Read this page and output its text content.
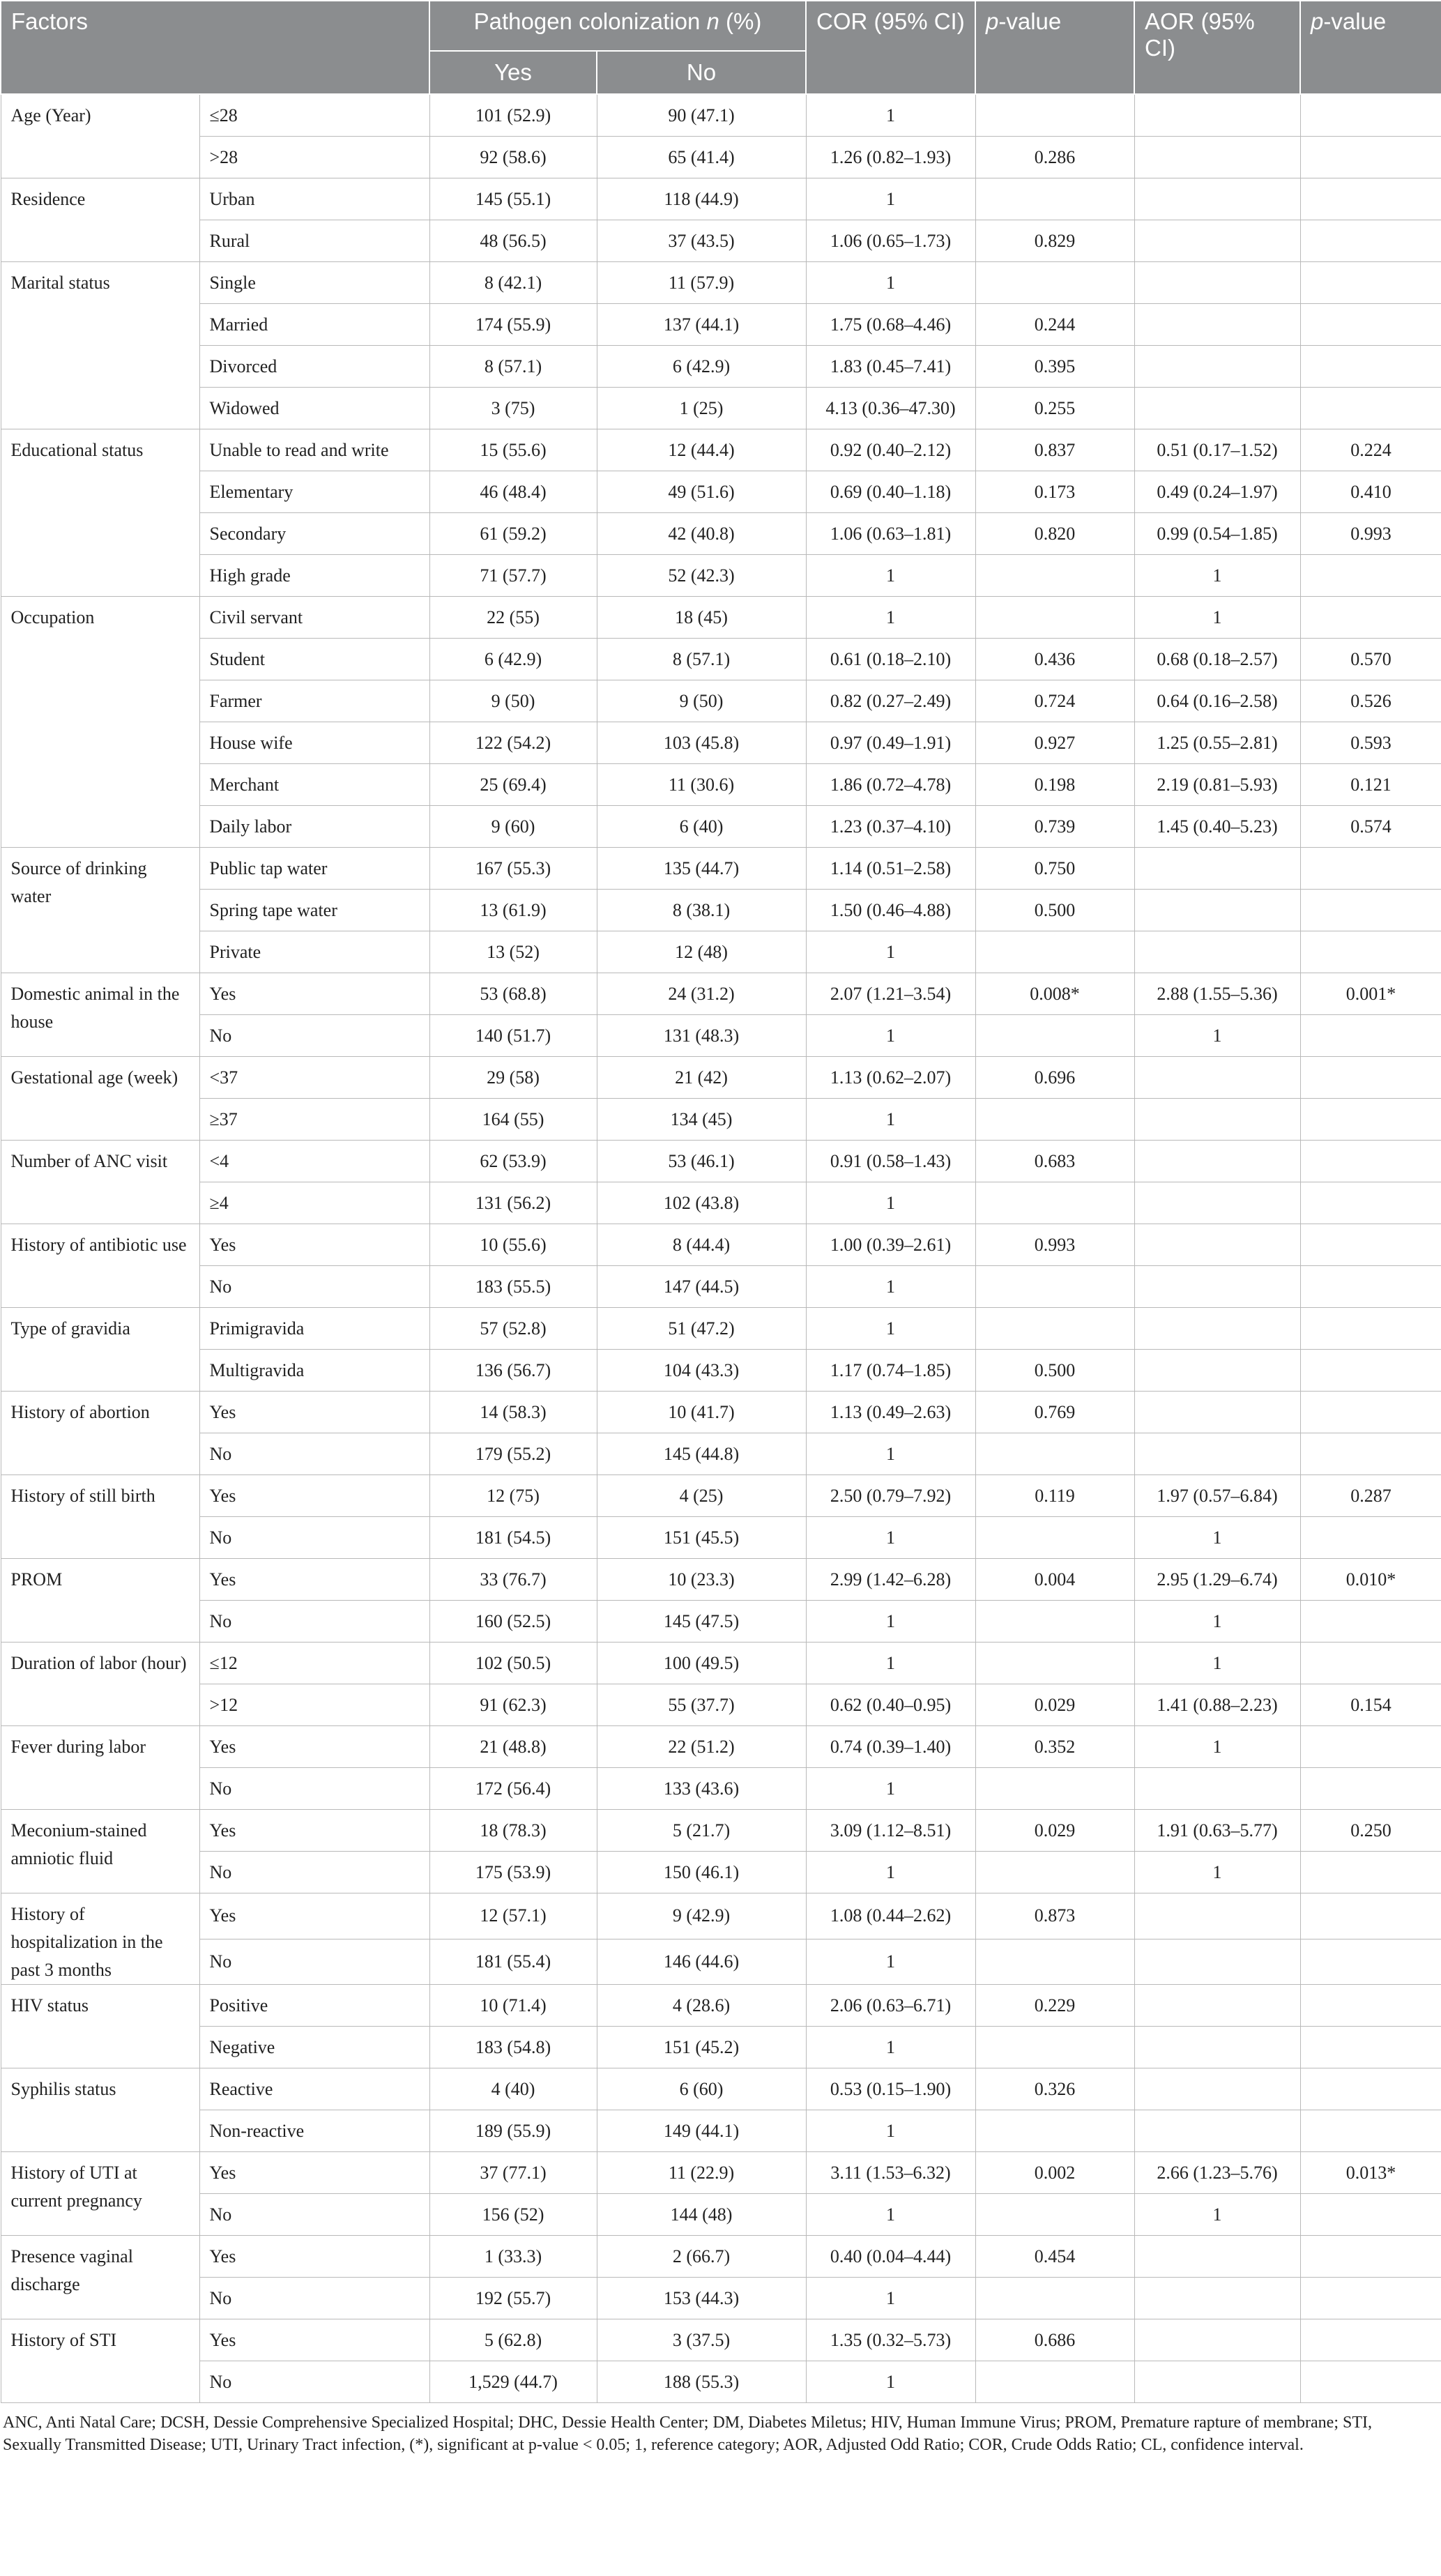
Factors		Pathogen colonization n (%)		COR (95% CI)	p-value	AOR (95% CI)	p-value
		Yes	No				
Age (Year)	≤28	101 (52.9)	90 (47.1)	1			
	>28	92 (58.6)	65 (41.4)	1.26 (0.82–1.93)	0.286		
Residence	Urban	145 (55.1)	118 (44.9)	1			
	Rural	48 (56.5)	37 (43.5)	1.06 (0.65–1.73)	0.829		
Marital status	Single	8 (42.1)	11 (57.9)	1			
	Married	174 (55.9)	137 (44.1)	1.75 (0.68–4.46)	0.244		
	Divorced	8 (57.1)	6 (42.9)	1.83 (0.45–7.41)	0.395		
	Widowed	3 (75)	1 (25)	4.13 (0.36–47.30)	0.255		
Educational status	Unable to read and write	15 (55.6)	12 (44.4)	0.92 (0.40–2.12)	0.837	0.51 (0.17–1.52)	0.224
	Elementary	46 (48.4)	49 (51.6)	0.69 (0.40–1.18)	0.173	0.49 (0.24–1.97)	0.410
	Secondary	61 (59.2)	42 (40.8)	1.06 (0.63–1.81)	0.820	0.99 (0.54–1.85)	0.993
	High grade	71 (57.7)	52 (42.3)	1		1	
Occupation	Civil servant	22 (55)	18 (45)	1		1	
	Student	6 (42.9)	8 (57.1)	0.61 (0.18–2.10)	0.436	0.68 (0.18–2.57)	0.570
	Farmer	9 (50)	9 (50)	0.82 (0.27–2.49)	0.724	0.64 (0.16–2.58)	0.526
	House wife	122 (54.2)	103 (45.8)	0.97 (0.49–1.91)	0.927	1.25 (0.55–2.81)	0.593
	Merchant	25 (69.4)	11 (30.6)	1.86 (0.72–4.78)	0.198	2.19 (0.81–5.93)	0.121
	Daily labor	9 (60)	6 (40)	1.23 (0.37–4.10)	0.739	1.45 (0.40–5.23)	0.574
Source of drinking water	Public tap water	167 (55.3)	135 (44.7)	1.14 (0.51–2.58)	0.750		
	Spring tape water	13 (61.9)	8 (38.1)	1.50 (0.46–4.88)	0.500		
	Private	13 (52)	12 (48)	1			
Domestic animal in the house	Yes	53 (68.8)	24 (31.2)	2.07 (1.21–3.54)	0.008*	2.88 (1.55–5.36)	0.001*
	No	140 (51.7)	131 (48.3)	1		1	
Gestational age (week)	<37	29 (58)	21 (42)	1.13 (0.62–2.07)	0.696		
	≥37	164 (55)	134 (45)	1			
Number of ANC visit	<4	62 (53.9)	53 (46.1)	0.91 (0.58–1.43)	0.683		
	≥4	131 (56.2)	102 (43.8)	1			
History of antibiotic use	Yes	10 (55.6)	8 (44.4)	1.00 (0.39–2.61)	0.993		
	No	183 (55.5)	147 (44.5)	1			
Type of gravidia	Primigravida	57 (52.8)	51 (47.2)	1			
	Multigravida	136 (56.7)	104 (43.3)	1.17 (0.74–1.85)	0.500		
History of abortion	Yes	14 (58.3)	10 (41.7)	1.13 (0.49–2.63)	0.769		
	No	179 (55.2)	145 (44.8)	1			
History of still birth	Yes	12 (75)	4 (25)	2.50 (0.79–7.92)	0.119	1.97 (0.57–6.84)	0.287
	No	181 (54.5)	151 (45.5)	1		1	
PROM	Yes	33 (76.7)	10 (23.3)	2.99 (1.42–6.28)	0.004	2.95 (1.29–6.74)	0.010*
	No	160 (52.5)	145 (47.5)	1		1	
Duration of labor (hour)	≤12	102 (50.5)	100 (49.5)	1		1	
	>12	91 (62.3)	55 (37.7)	0.62 (0.40–0.95)	0.029	1.41 (0.88–2.23)	0.154
Fever during labor	Yes	21 (48.8)	22 (51.2)	0.74 (0.39–1.40)	0.352	1	
	No	172 (56.4)	133 (43.6)	1			
Meconium-stained amniotic fluid	Yes	18 (78.3)	5 (21.7)	3.09 (1.12–8.51)	0.029	1.91 (0.63–5.77)	0.250
	No	175 (53.9)	150 (46.1)	1		1	
History of hospitalization in the past 3 months	Yes	12 (57.1)	9 (42.9)	1.08 (0.44–2.62)	0.873		
	No	181 (55.4)	146 (44.6)	1			
HIV status	Positive	10 (71.4)	4 (28.6)	2.06 (0.63–6.71)	0.229		
	Negative	183 (54.8)	151 (45.2)	1			
Syphilis status	Reactive	4 (40)	6 (60)	0.53 (0.15–1.90)	0.326		
	Non-reactive	189 (55.9)	149 (44.1)	1			
History of UTI at current pregnancy	Yes	37 (77.1)	11 (22.9)	3.11 (1.53–6.32)	0.002	2.66 (1.23–5.76)	0.013*
	No	156 (52)	144 (48)	1		1	
Presence vaginal discharge	Yes	1 (33.3)	2 (66.7)	0.40 (0.04–4.44)	0.454		
	No	192 (55.7)	153 (44.3)	1			
History of STI	Yes	5 (62.8)	3 (37.5)	1.35 (0.32–5.73)	0.686		
	No	1,529 (44.7)	188 (55.3)	1			
ANC, Anti Natal Care; DCSH, Dessie Comprehensive Specialized Hospital; DHC, Dessie Health Center; DM, Diabetes Miletus; HIV, Human Immune Virus; PROM, Premature rapture of membrane; STI, Sexually Transmitted Disease; UTI, Urinary Tract infection, (*), significant at p-value < 0.05; 1, reference category; AOR, Adjusted Odd Ratio; COR, Crude Odds Ratio; CL, confidence interval.
